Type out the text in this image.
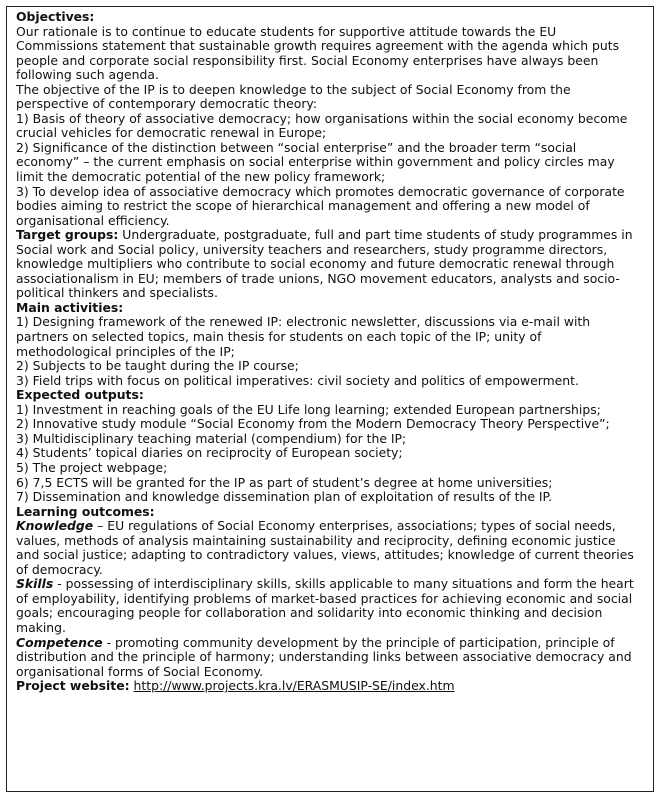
Objectives:
Our rationale is to continue to educate students for supportive attitude towards the EU
Commissions statement that sustainable growth requires agreement with the agenda which puts
people and corporate social responsibility first. Social Economy enterprises have always been
following such agenda.
The objective of the IP is to deepen knowledge to the subject of Social Economy from the
perspective of contemporary democratic theory:
1) Basis of theory of associative democracy; how organisations within the social economy become
crucial vehicles for democratic renewal in Europe;
2) Significance of the distinction between “social enterprise” and the broader term “social
economy” – the current emphasis on social enterprise within government and policy circles may
limit the democratic potential of the new policy framework;
3) To develop idea of associative democracy which promotes democratic governance of corporate
bodies aiming to restrict the scope of hierarchical management and offering a new model of
organisational efficiency.
Target groups: Undergraduate, postgraduate, full and part time students of study programmes in
Social work and Social policy, university teachers and researchers, study programme directors,
knowledge multipliers who contribute to social economy and future democratic renewal through
associationalism in EU; members of trade unions, NGO movement educators, analysts and socio-
political thinkers and specialists.
Main activities:
1) Designing framework of the renewed IP: electronic newsletter, discussions via e-mail with
partners on selected topics, main thesis for students on each topic of the IP; unity of
methodological principles of the IP;
2) Subjects to be taught during the IP course;
3) Field trips with focus on political imperatives: civil society and politics of empowerment.
Expected outputs:
1) Investment in reaching goals of the EU Life long learning; extended European partnerships;
2) Innovative study module “Social Economy from the Modern Democracy Theory Perspective”;
3) Multidisciplinary teaching material (compendium) for the IP;
4) Students’ topical diaries on reciprocity of European society;
5) The project webpage;
6) 7,5 ECTS will be granted for the IP as part of student’s degree at home universities;
7) Dissemination and knowledge dissemination plan of exploitation of results of the IP.
Learning outcomes:
Knowledge – EU regulations of Social Economy enterprises, associations; types of social needs,
values, methods of analysis maintaining sustainability and reciprocity, defining economic justice
and social justice; adapting to contradictory values, views, attitudes; knowledge of current theories
of democracy.
Skills - possessing of interdisciplinary skills, skills applicable to many situations and form the heart
of employability, identifying problems of market-based practices for achieving economic and social
goals; encouraging people for collaboration and solidarity into economic thinking and decision
making.
Competence - promoting community development by the principle of participation, principle of
distribution and the principle of harmony; understanding links between associative democracy and
organisational forms of Social Economy.
Project website: http://www.projects.kra.lv/ERASMUSIP-SE/index.htm
